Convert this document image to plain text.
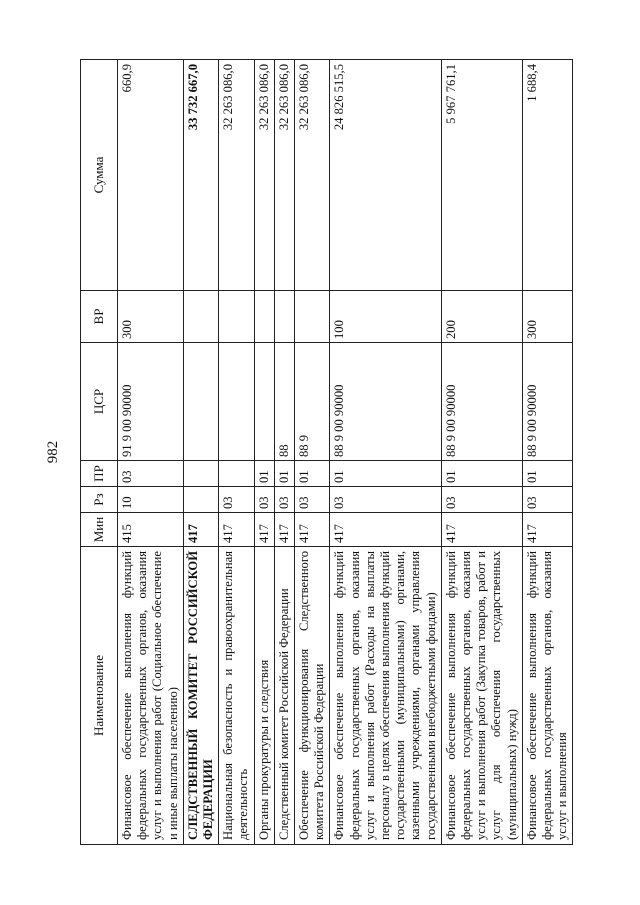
982
Наименование	Мин	Рз	ПР	ЦСР	ВР	Сумма
Финансовое обеспечение выполнения функций федеральных государственных органов, оказания услуг и выполнения работ (Социальное обеспечение и иные выплаты населению)	415	10	03	91 9 00 90000	300	660,9
СЛЕДСТВЕННЫЙ КОМИТЕТ РОССИЙСКОЙ ФЕДЕРАЦИИ	417					33 732 667,0
Национальная безопасность и правоохранительная деятельность	417	03				32 263 086,0
Органы прокуратуры и следствия	417	03	01			32 263 086,0
Следственный комитет Российской Федерации	417	03	01	88		32 263 086,0
Обеспечение функционирования Следственного комитета Российской Федерации	417	03	01	88 9		32 263 086,0
Финансовое обеспечение выполнения функций федеральных государственных органов, оказания услуг и выполнения работ (Расходы на выплаты персоналу в целях обеспечения выполнения функций государственными (муниципальными) органами, казенными учреждениями, органами управления государственными внебюджетными фондами)	417	03	01	88 9 00 90000	100	24 826 515,5
Финансовое обеспечение выполнения функций федеральных государственных органов, оказания услуг и выполнения работ (Закупка товаров, работ и услуг для обеспечения государственных (муниципальных) нужд)	417	03	01	88 9 00 90000	200	5 967 761,1
Финансовое обеспечение выполнения функций федеральных государственных органов, оказания услуг и выполнения	417	03	01	88 9 00 90000	300	1 688,4
